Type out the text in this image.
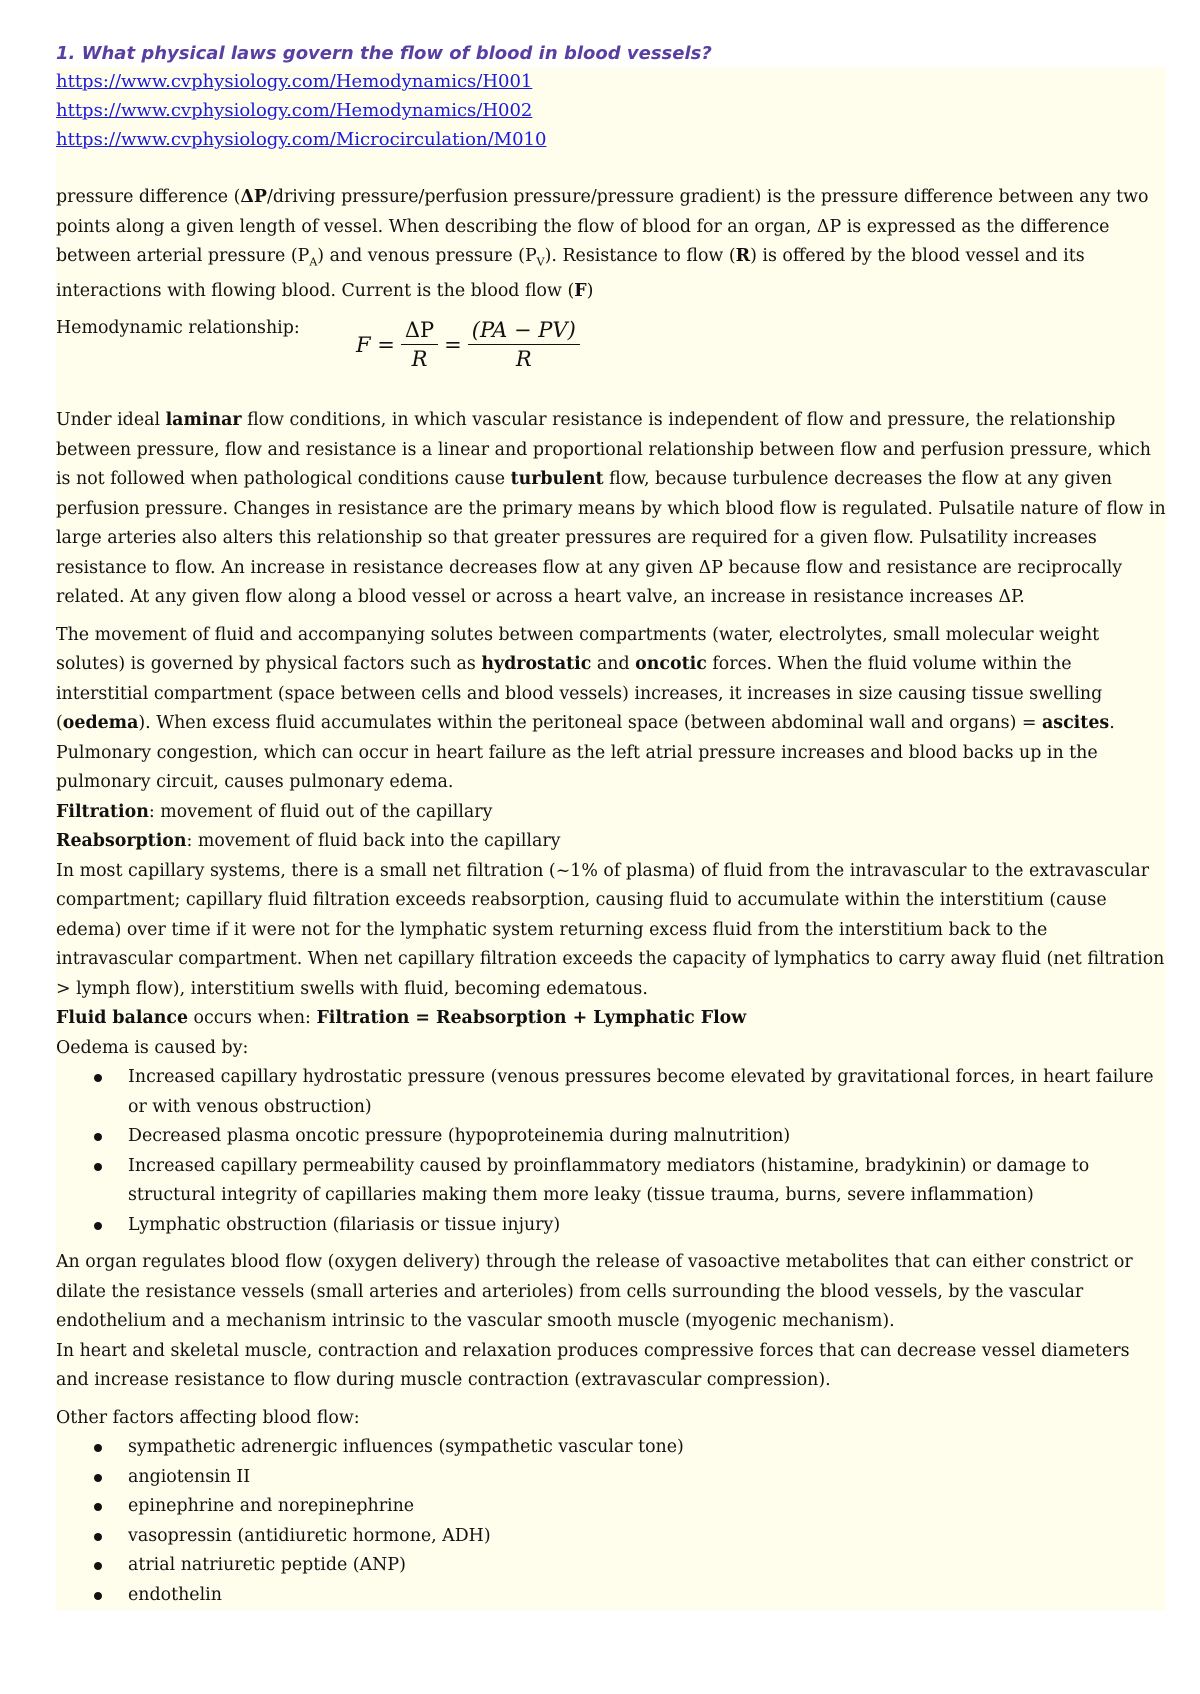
1. What physical laws govern the flow of blood in blood vessels?

https://www.cvphysiology.com/Hemodynamics/H001
https://www.cvphysiology.com/Hemodynamics/H002
https://www.cvphysiology.com/Microcirculation/M010

pressure difference (ΔP/driving pressure/perfusion pressure/pressure gradient) is the pressure difference between any two points along a given length of vessel. When describing the flow of blood for an organ, ΔP is expressed as the difference between arterial pressure $(P_A)$ and venous pressure $(P_V)$. Resistance to flow (R) is offered by the blood vessel and its interactions with flowing blood. Current is the blood flow (F)

Hemodynamic relationship:
F
= $\frac{\Delta P}{R} = \frac{(PA - PV)}{R}$

Under ideal laminar flow conditions, in which vascular resistance is independent of flow and pressure, the relationship between pressure, flow and resistance is a linear and proportional relationship between flow and perfusion pressure, which is not followed when pathological conditions cause turbulent flow, because turbulence decreases the flow at any given perfusion pressure. Changes in resistance are the primary means by which blood flow is regulated. Pulsatile nature of flow in large arteries also alters this relationship so that greater pressures are required for a given flow. Pulsatility increases resistance to flow. An increase in resistance decreases flow at any given ΔP because flow and resistance are reciprocally related. At any given flow along a blood vessel or across a heart valve, an increase in resistance increases ΔP.

The movement of fluid and accompanying solutes between compartments (water, electrolytes, small molecular weight solutes) is governed by physical factors such as hydrostatic and oncotic forces. When the fluid volume within the interstitial compartment (space between cells and blood vessels) increases, it increases in size causing tissue swelling (oedema). When excess fluid accumulates within the peritoneal space (between abdominal wall and organs) = ascites. Pulmonary congestion, which can occur in heart failure as the left atrial pressure increases and blood backs up in the pulmonary circuit, causes pulmonary edema.

Filtration: movement of fluid out of the capillary

Reabsorption: movement of fluid back into the capillary

In most capillary systems, there is a small net filtration (~1% of plasma) of fluid from the intravascular to the extravascular compartment; capillary fluid filtration exceeds reabsorption, causing fluid to accumulate within the interstitium (cause edema) over time if it were not for the lymphatic system returning excess fluid from the interstitium back to the intravascular compartment. When net capillary filtration exceeds the capacity of lymphatics to carry away fluid (net filtration > lymph flow), interstitium swells with fluid, becoming edematous.

Fluid balance occurs when: Filtration = Reabsorption + Lymphatic Flow

Oedema is caused by:

Increased capillary hydrostatic pressure (venous pressures become elevated by gravitational forces, in heart failure or with venous obstruction)
Decreased plasma oncotic pressure (hypoproteinemia during malnutrition)
Increased capillary permeability caused by proinflammatory mediators (histamine, bradykinin) or damage to structural integrity of capillaries making them more leaky (tissue trauma, burns, severe inflammation)
Lymphatic obstruction (filariasis or tissue injury)

An organ regulates blood flow (oxygen delivery) through the release of vasoactive metabolites that can either constrict or dilate the resistance vessels (small arteries and arterioles) from cells surrounding the blood vessels, by the vascular endothelium and a mechanism intrinsic to the vascular smooth muscle (myogenic mechanism).

In heart and skeletal muscle, contraction and relaxation produces compressive forces that can decrease vessel diameters and increase resistance to flow during muscle contraction (extravascular compression).

Other factors affecting blood flow:

sympathetic adrenergic influences (sympathetic vascular tone)
angiotensin II
epinephrine and norepinephrine
vasopressin (antidiuretic hormone, ADH)
atrial natriuretic peptide (ANP)
endothelin
